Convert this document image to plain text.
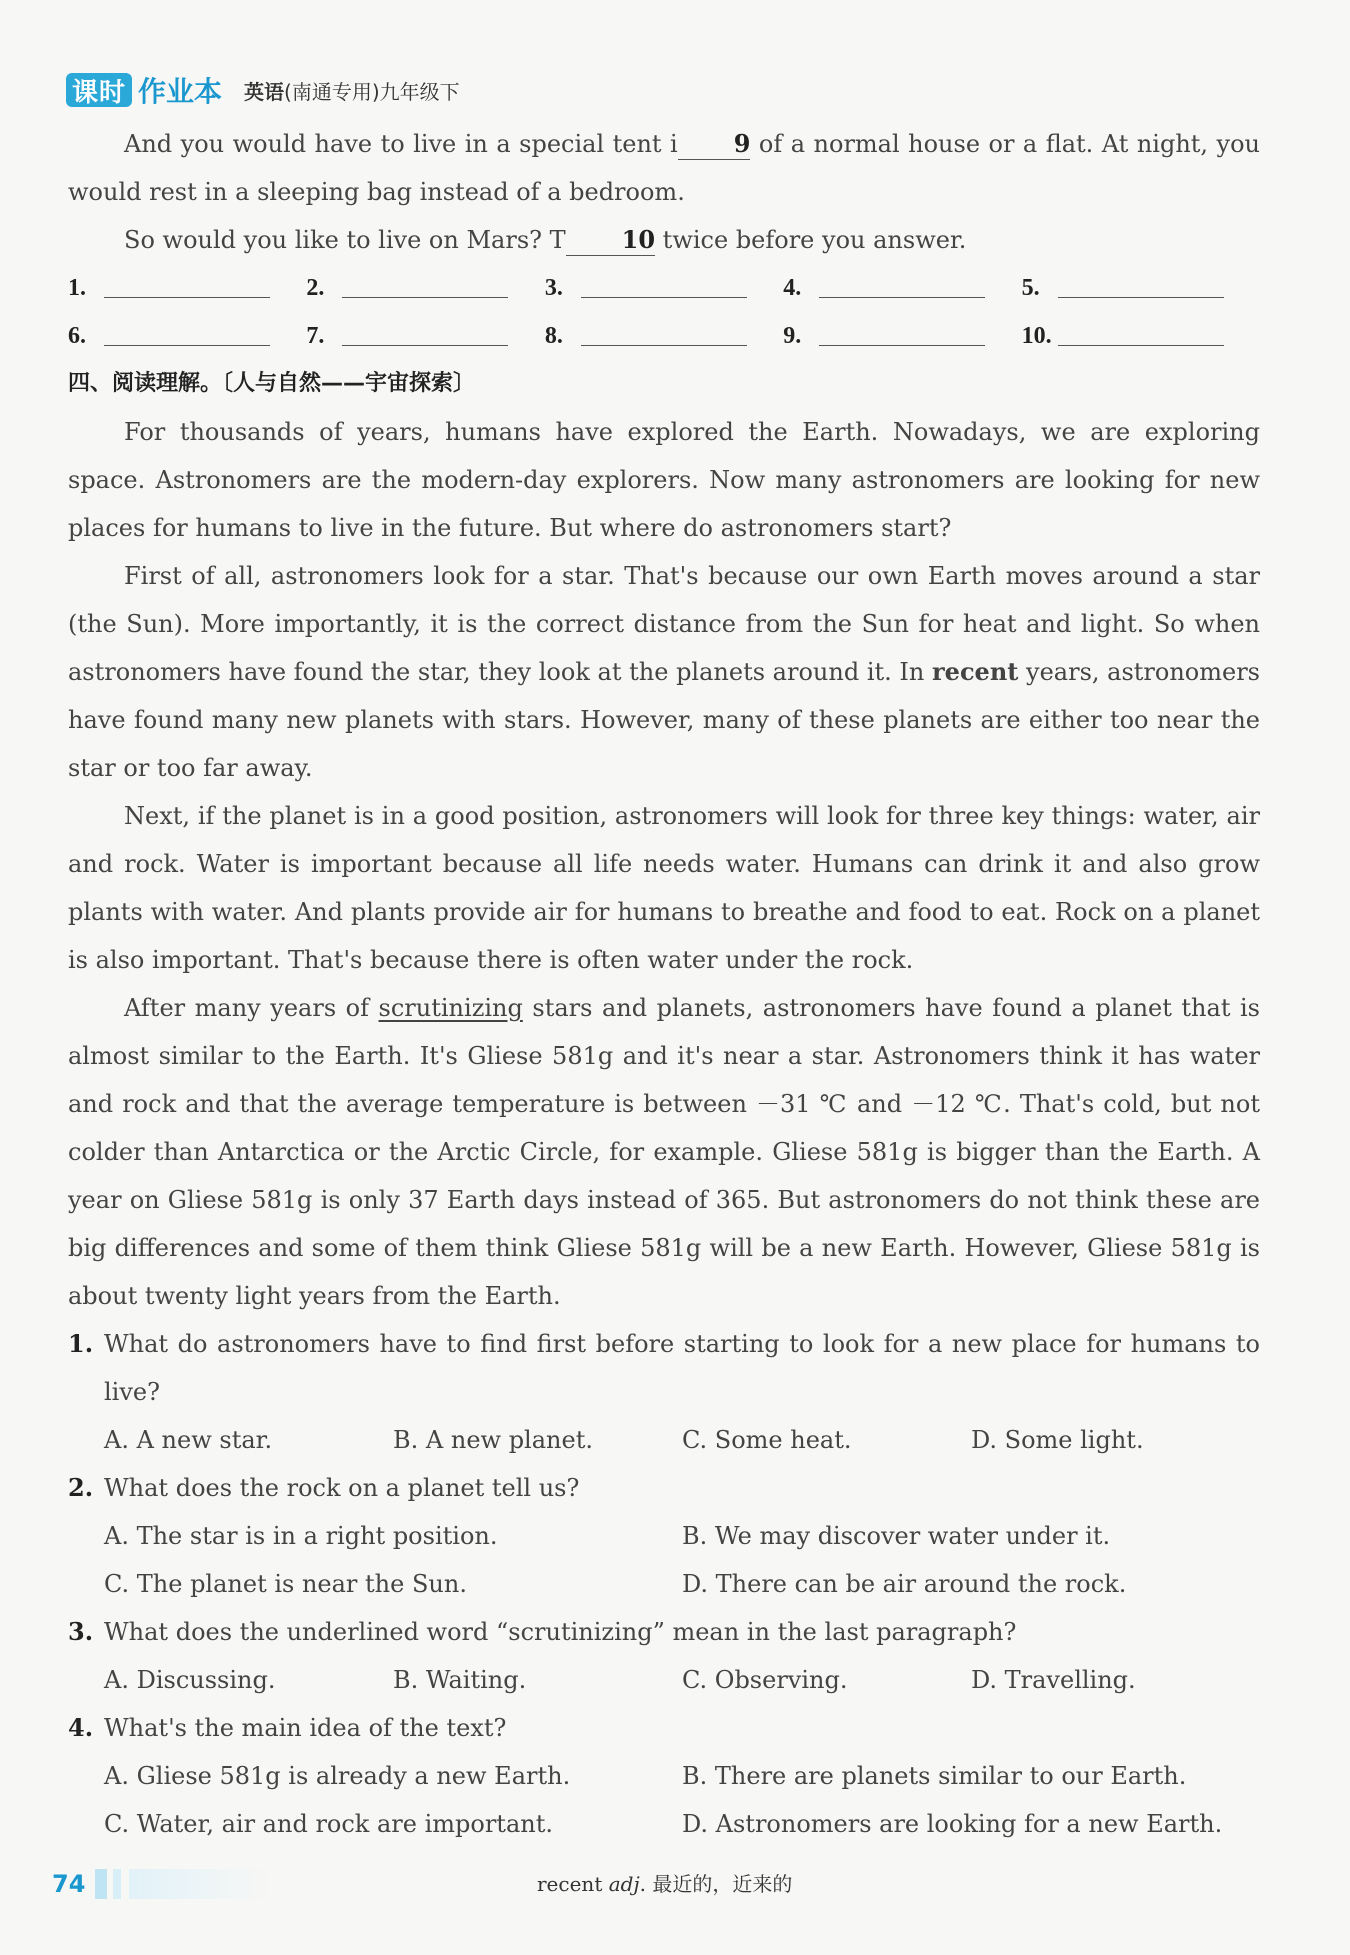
课时 作业本 英语(南通专用)九年级下

And you would have to live in a special tent i 9 of a normal house or a flat. At night, you would rest in a sleeping bag instead of a bedroom.

So would you like to live on Mars? T 10 twice before you answer.

1.	2.	3.	4.	5.
6.	7.	8.	9.	10.

四、阅读理解。〔人与自然——宇宙探索〕

For thousands of years, humans have explored the Earth. Nowadays, we are exploring space. Astronomers are the modern-day explorers. Now many astronomers are looking for new places for humans to live in the future. But where do astronomers start?

First of all, astronomers look for a star. That's because our own Earth moves around a star (the Sun). More importantly, it is the correct distance from the Sun for heat and light. So when astronomers have found the star, they look at the planets around it. In recent years, astronomers have found many new planets with stars. However, many of these planets are either too near the star or too far away.

Next, if the planet is in a good position, astronomers will look for three key things: water, air and rock. Water is important because all life needs water. Humans can drink it and also grow plants with water. And plants provide air for humans to breathe and food to eat. Rock on a planet is also important. That's because there is often water under the rock.

After many years of scrutinizing stars and planets, astronomers have found a planet that is almost similar to the Earth. It's Gliese 581g and it's near a star. Astronomers think it has water and rock and that the average temperature is between －31 ℃ and －12 ℃. That's cold, but not colder than Antarctica or the Arctic Circle, for example. Gliese 581g is bigger than the Earth. A year on Gliese 581g is only 37 Earth days instead of 365. But astronomers do not think these are big differences and some of them think Gliese 581g will be a new Earth. However, Gliese 581g is about twenty light years from the Earth.

1. What do astronomers have to find first before starting to look for a new place for humans to live?
A. A new star.	B. A new planet.	C. Some heat.	D. Some light.
2. What does the rock on a planet tell us?
A. The star is in a right position.	B. We may discover water under it.
C. The planet is near the Sun.	D. There can be air around the rock.
3. What does the underlined word “scrutinizing” mean in the last paragraph?
A. Discussing.	B. Waiting.	C. Observing.	D. Travelling.
4. What's the main idea of the text?
A. Gliese 581g is already a new Earth.	B. There are planets similar to our Earth.
C. Water, air and rock are important.	D. Astronomers are looking for a new Earth.
74	recent adj. 最近的，近来的
